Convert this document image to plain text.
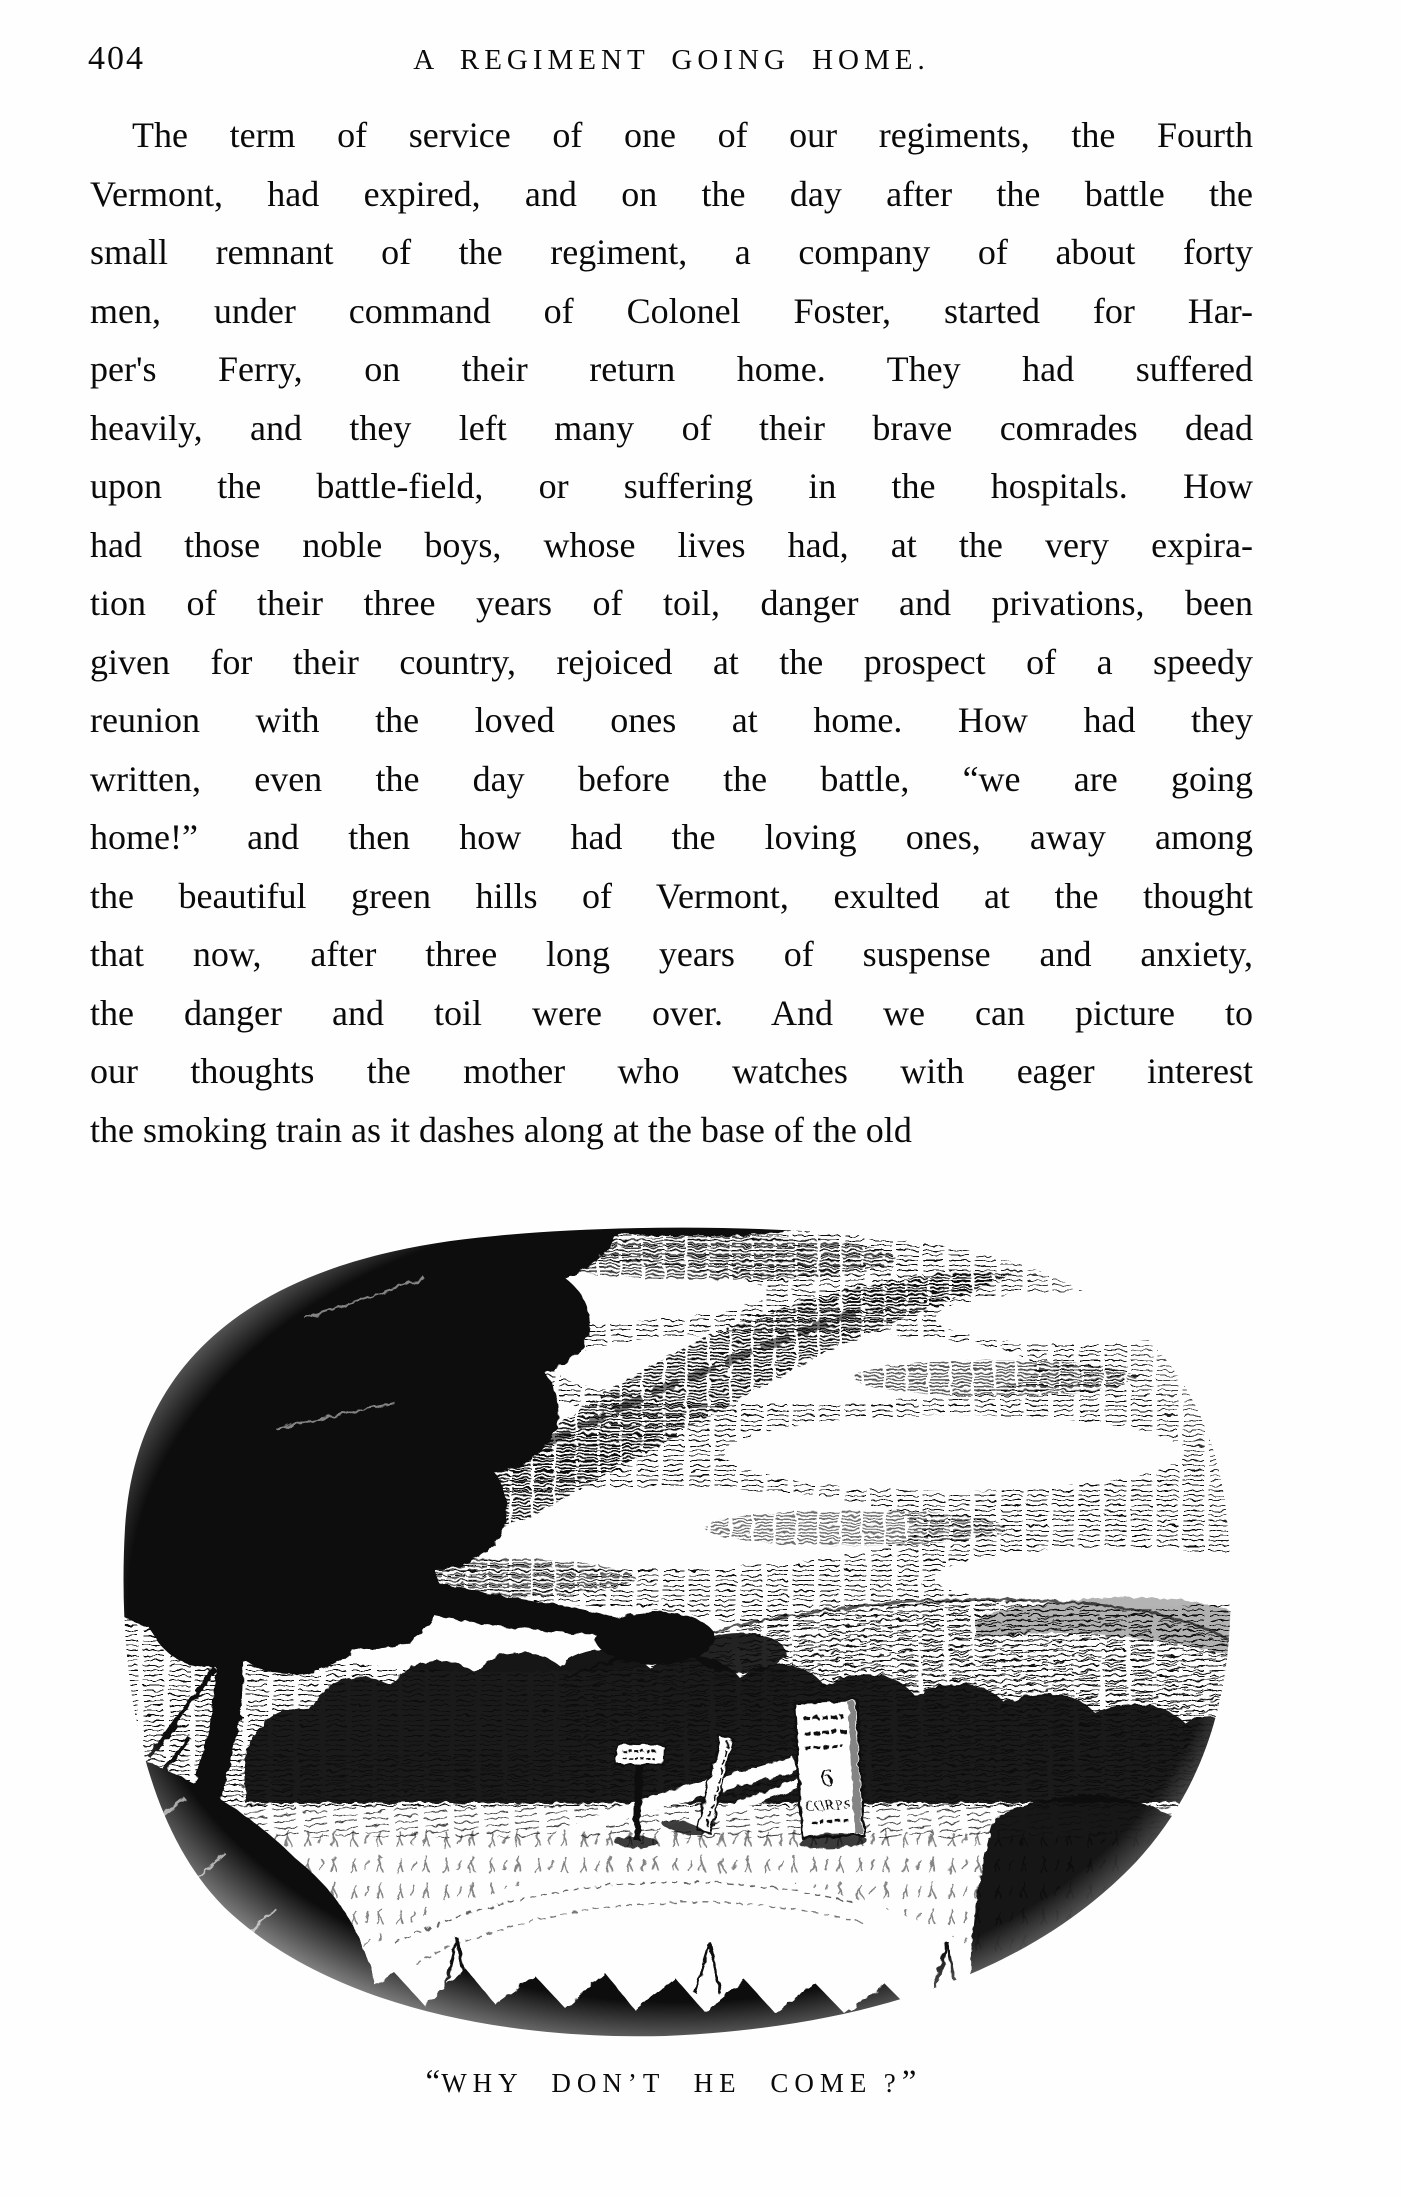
404	A REGIMENT GOING HOME.
The term of service of one of our regiments, the Fourth
Vermont, had expired, and on the day after the battle the
small remnant of the regiment, a company of about forty
men, under command of Colonel Foster, started for Har-
per's Ferry, on their return home. They had suffered
heavily, and they left many of their brave comrades dead
upon the battle-field, or suffering in the hospitals. How
had those noble boys, whose lives had, at the very expira-
tion of their three years of toil, danger and privations, been
given for their country, rejoiced at the prospect of a speedy
reunion with the loved ones at home. How had they
written, even the day before the battle, “we are going
home!” and then how had the loving ones, away among
the beautiful green hills of Vermont, exulted at the thought
that now, after three long years of suspense and anxiety,
the danger and toil were over. And we can picture to
our thoughts the mother who watches with eager interest
the smoking train as it dashes along at the base of the old
“WHY DON’T HE COME ?”
